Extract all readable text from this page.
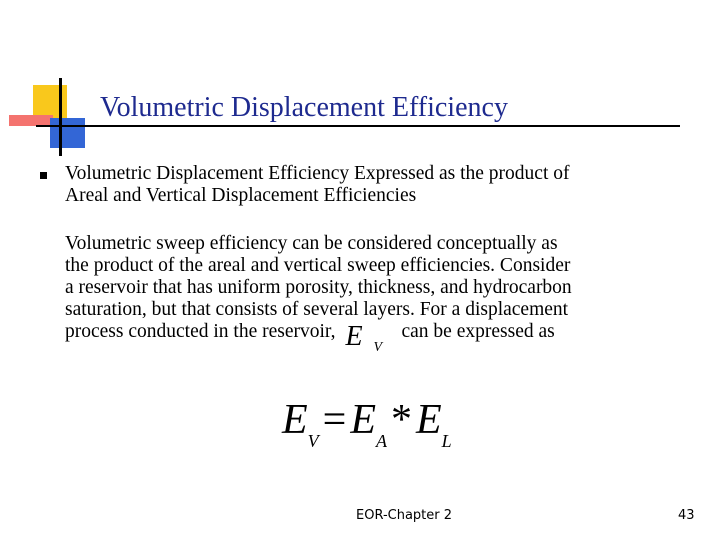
Volumetric Displacement Efficiency

Volumetric Displacement Efficiency Expressed as the product of
Areal and Vertical Displacement Efficiencies

Volumetric sweep efficiency can be considered conceptually as
the product of the areal and vertical sweep efficiencies. Consider
a reservoir that has uniform porosity, thickness, and hydrocarbon
saturation, but that consists of several layers. For a displacement
process conducted in the reservoir, E V
can be expressed as

$E_V=E_A*E_L$
EOR-Chapter 2	43
